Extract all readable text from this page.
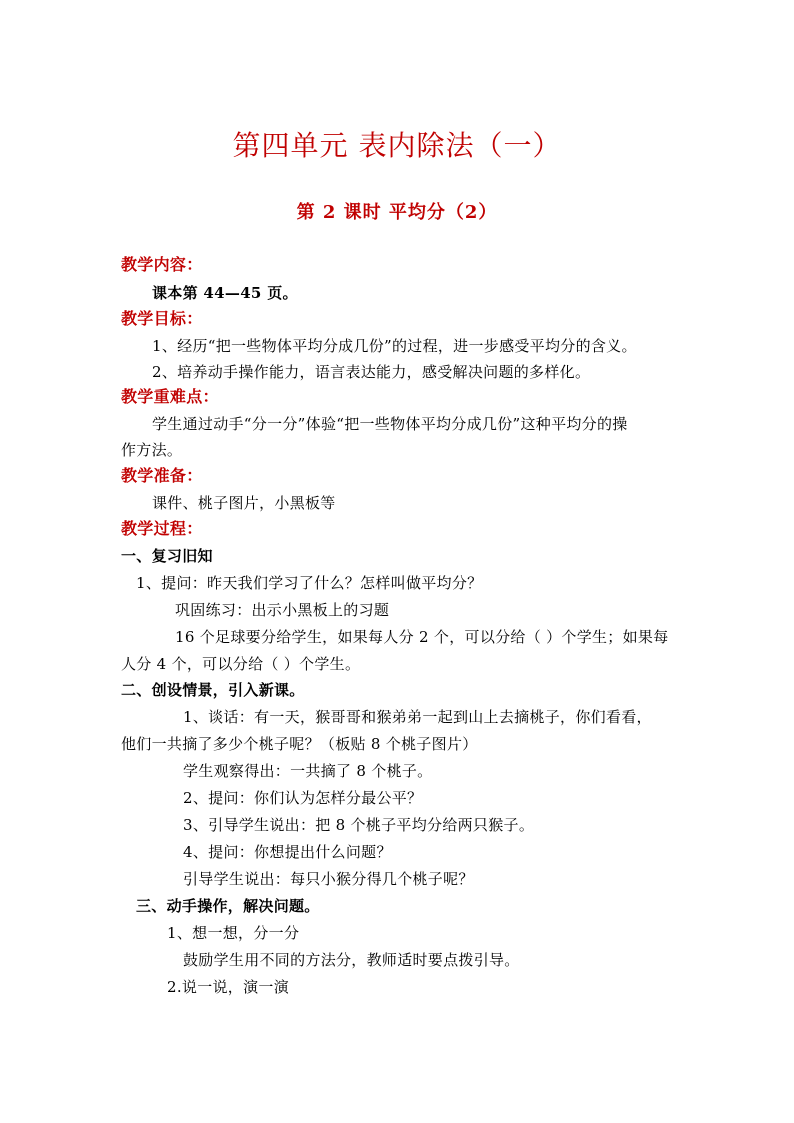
第四单元 表内除法（一）
第 2 课时 平均分（2）
教学内容：
课本第 44—45 页。
教学目标：
1、经历“把一些物体平均分成几份”的过程，进一步感受平均分的含义。
2、培养动手操作能力，语言表达能力，感受解决问题的多样化。
教学重难点：
学生通过动手“分一分”体验“把一些物体平均分成几份”这种平均分的操
作方法。
教学准备：
课件、桃子图片，小黑板等
教学过程：
一、复习旧知
1、提问：昨天我们学习了什么？怎样叫做平均分？
巩固练习：出示小黑板上的习题
16 个足球要分给学生，如果每人分 2 个，可以分给（ ）个学生；如果每
人分 4 个，可以分给（ ）个学生。
二、创设情景，引入新课。
1、谈话：有一天，猴哥哥和猴弟弟一起到山上去摘桃子，你们看看，
他们一共摘了多少个桃子呢？（板贴 8 个桃子图片）
学生观察得出：一共摘了 8 个桃子。
2、提问：你们认为怎样分最公平？
3、引导学生说出：把 8 个桃子平均分给两只猴子。
4、提问：你想提出什么问题？
引导学生说出：每只小猴分得几个桃子呢？
三、动手操作，解决问题。
1、想一想，分一分
鼓励学生用不同的方法分，教师适时要点拨引导。
2.说一说，演一演
